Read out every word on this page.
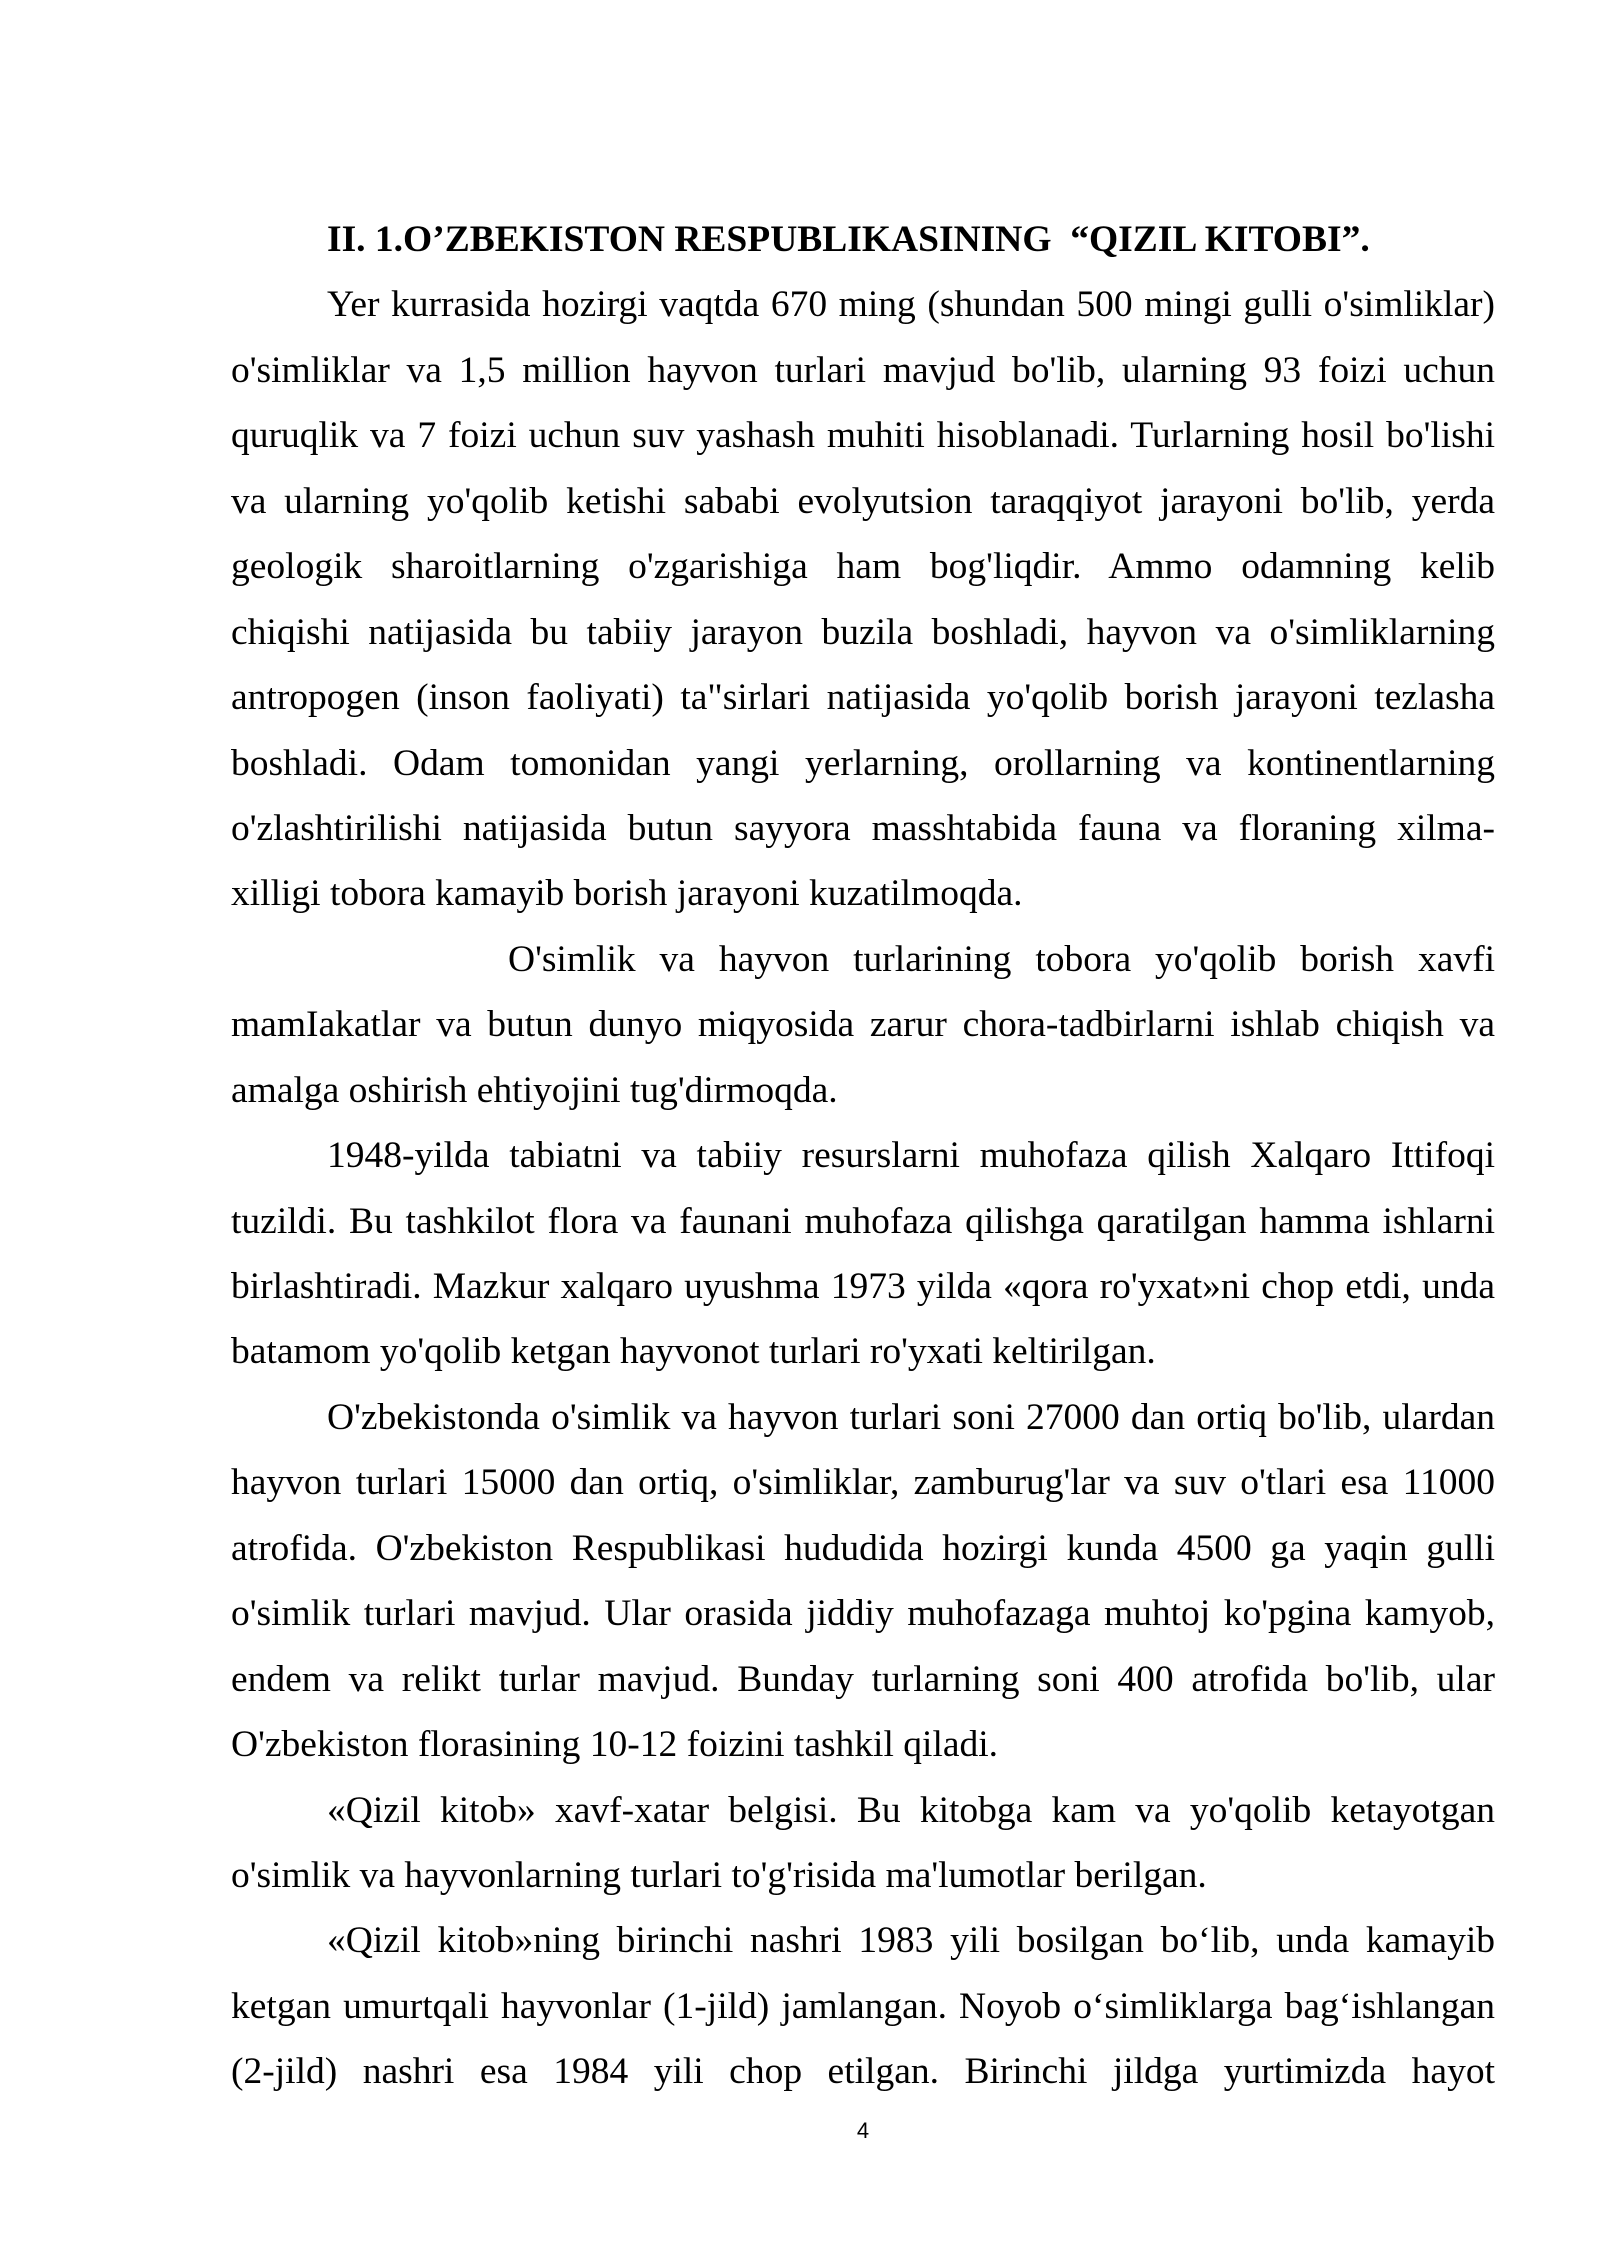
II. 1.O’ZBEKISTON RESPUBLIKASINING  “QIZIL KITOBI”.
Yer kurrasida hozirgi vaqtda 670 ming (shundan 500 mingi gulli o'simliklar)
o'simliklar va 1,5 million hayvon turlari mavjud bo'lib, ularning 93 foizi uchun
quruqlik va 7 foizi uchun suv yashash muhiti hisoblanadi. Turlarning hosil bo'lishi
va ularning yo'qolib ketishi sababi evolyutsion taraqqiyot jarayoni bo'lib, yerda
geologik sharoitlarning o'zgarishiga ham bog'liqdir. Ammo odamning kelib
chiqishi natijasida bu tabiiy jarayon buzila boshladi, hayvon va o'simliklarning
antropogen (inson faoliyati) ta"sirlari natijasida yo'qolib borish jarayoni tezlasha
boshladi. Odam tomonidan yangi yerlarning, orollarning va kontinentlarning
o'zlashtirilishi natijasida butun sayyora masshtabida fauna va floraning xilma-
xilligi tobora kamayib borish jarayoni kuzatilmoqda.
O'simlik va hayvon turlarining tobora yo'qolib borish xavfi
mamIakatlar va butun dunyo miqyosida zarur chora-tadbirlarni ishlab chiqish va
amalga oshirish ehtiyojini tug'dirmoqda.
1948-yilda tabiatni va tabiiy resurslarni muhofaza qilish Xalqaro Ittifoqi
tuzildi. Bu tashkilot flora va faunani muhofaza qilishga qaratilgan hamma ishlarni
birlashtiradi. Mazkur xalqaro uyushma 1973 yilda «qora ro'yxat»ni chop etdi, unda
batamom yo'qolib ketgan hayvonot turlari ro'yxati keltirilgan.
O'zbekistonda o'simlik va hayvon turlari soni 27000 dan ortiq bo'lib, ulardan
hayvon turlari 15000 dan ortiq, o'simliklar, zamburug'lar va suv o'tlari esa 11000
atrofida. O'zbekiston Respublikasi hududida hozirgi kunda 4500 ga yaqin gulli
o'simlik turlari mavjud. Ular orasida jiddiy muhofazaga muhtoj ko'pgina kamyob,
endem va relikt turlar mavjud. Bunday turlarning soni 400 atrofida bo'lib, ular
O'zbekiston florasining 10-12 foizini tashkil qiladi.
«Qizil kitob» xavf-xatar belgisi. Bu kitobga kam va yo'qolib ketayotgan
o'simlik va hayvonlarning turlari to'g'risida ma'lumotlar berilgan.
«Qizil kitob»ning birinchi nashri 1983 yili bosilgan bo‘lib, unda kamayib
ketgan umurtqali hayvonlar (1-jild) jamlangan. Noyob o‘simliklarga bag‘ishlangan
(2-jild) nashri esa 1984 yili chop etilgan. Birinchi jildga yurtimizda hayot
4
